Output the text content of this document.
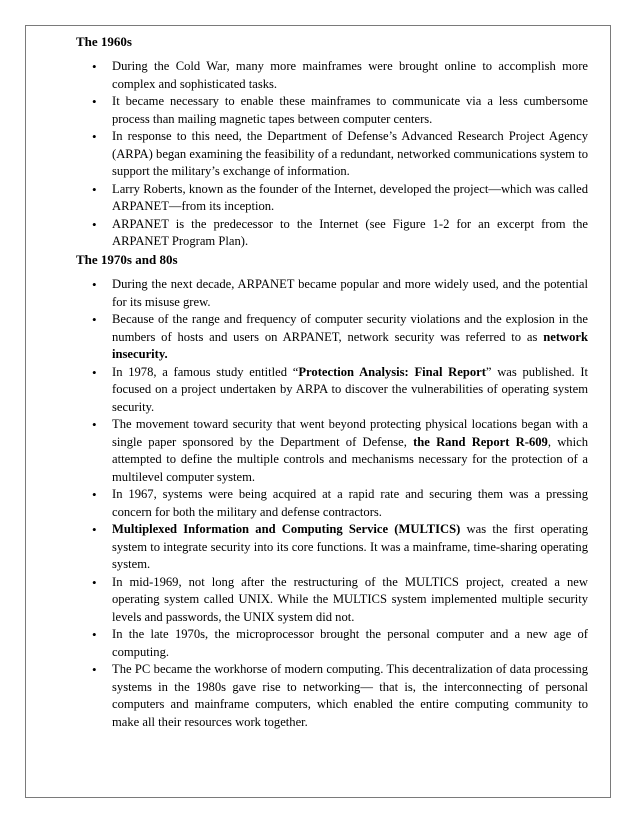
The 1960s
• During the Cold War, many more mainframes were brought online to accomplish more complex and sophisticated tasks.
• It became necessary to enable these mainframes to communicate via a less cumbersome process than mailing magnetic tapes between computer centers.
• In response to this need, the Department of Defense’s Advanced Research Project Agency (ARPA) began examining the feasibility of a redundant, networked communications system to support the military’s exchange of information.
• Larry Roberts, known as the founder of the Internet, developed the project—which was called ARPANET—from its inception.
• ARPANET is the predecessor to the Internet (see Figure 1-2 for an excerpt from the ARPANET Program Plan).
The 1970s and 80s
• During the next decade, ARPANET became popular and more widely used, and the potential for its misuse grew.
• Because of the range and frequency of computer security violations and the explosion in the numbers of hosts and users on ARPANET, network security was referred to as network insecurity.
• In 1978, a famous study entitled “Protection Analysis: Final Report” was published. It focused on a project undertaken by ARPA to discover the vulnerabilities of operating system security.
• The movement toward security that went beyond protecting physical locations began with a single paper sponsored by the Department of Defense, the Rand Report R-609, which attempted to define the multiple controls and mechanisms necessary for the protection of a multilevel computer system.
• In 1967, systems were being acquired at a rapid rate and securing them was a pressing concern for both the military and defense contractors.
• Multiplexed Information and Computing Service (MULTICS) was the first operating system to integrate security into its core functions. It was a mainframe, time-sharing operating system.
• In mid-1969, not long after the restructuring of the MULTICS project, created a new operating system called UNIX. While the MULTICS system implemented multiple security levels and passwords, the UNIX system did not.
• In the late 1970s, the microprocessor brought the personal computer and a new age of computing.
• The PC became the workhorse of modern computing. This decentralization of data processing systems in the 1980s gave rise to networking— that is, the interconnecting of personal computers and mainframe computers, which enabled the entire computing community to make all their resources work together.
